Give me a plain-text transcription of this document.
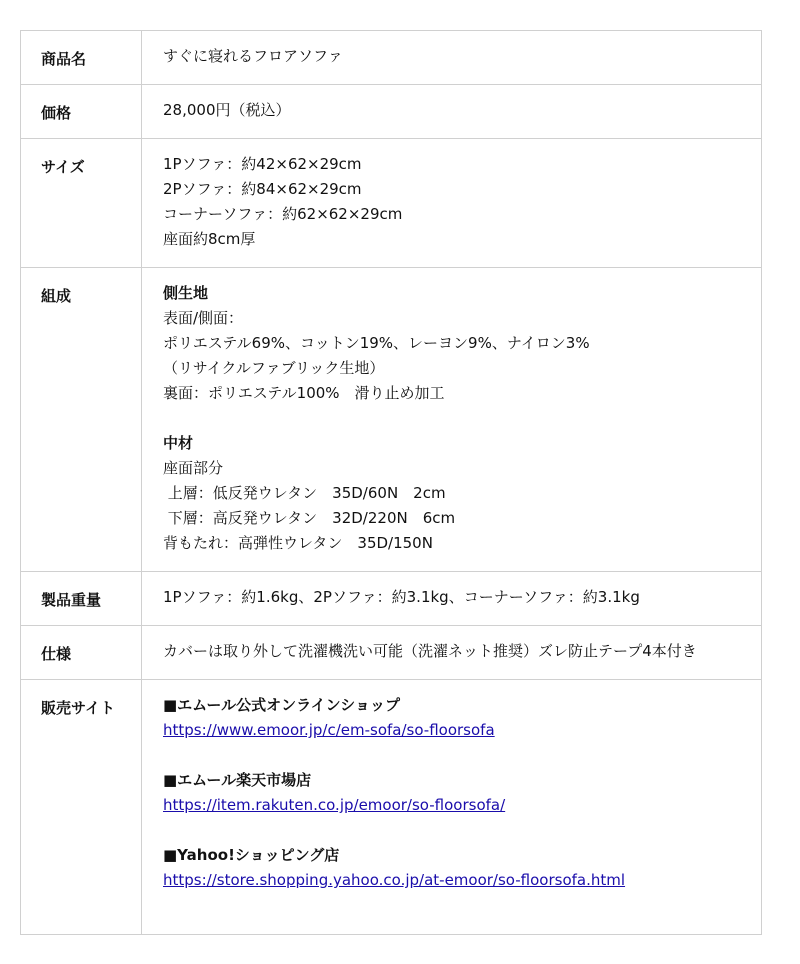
商品名	すぐに寝れるフロアソファ
価格	28,000円（税込）
サイズ	1Pソファ：約42×62×29cm
2Pソファ：約84×62×29cm
コーナーソファ：約62×62×29cm
座面約8cm厚
組成	側生地
表面/側面：
ポリエステル69%、コットン19%、レーヨン9%、ナイロン3%
（リサイクルファブリック生地）
裏面：ポリエステル100%　滑り止め加工
中材
座面部分
上層：低反発ウレタン　35D/60N　2cm
下層：高反発ウレタン　32D/220N　6cm
背もたれ：高弾性ウレタン　35D/150N
製品重量	1Pソファ：約1.6kg、2Pソファ：約3.1kg、コーナーソファ：約3.1kg
仕様	カバーは取り外して洗濯機洗い可能（洗濯ネット推奨）ズレ防止テープ4本付き
販売サイト	■エムール公式オンラインショップ
https://www.emoor.jp/c/em-sofa/so-floorsofa
■エムール楽天市場店
https://item.rakuten.co.jp/emoor/so-floorsofa/
■Yahoo!ショッピング店
https://store.shopping.yahoo.co.jp/at-emoor/so-floorsofa.html
